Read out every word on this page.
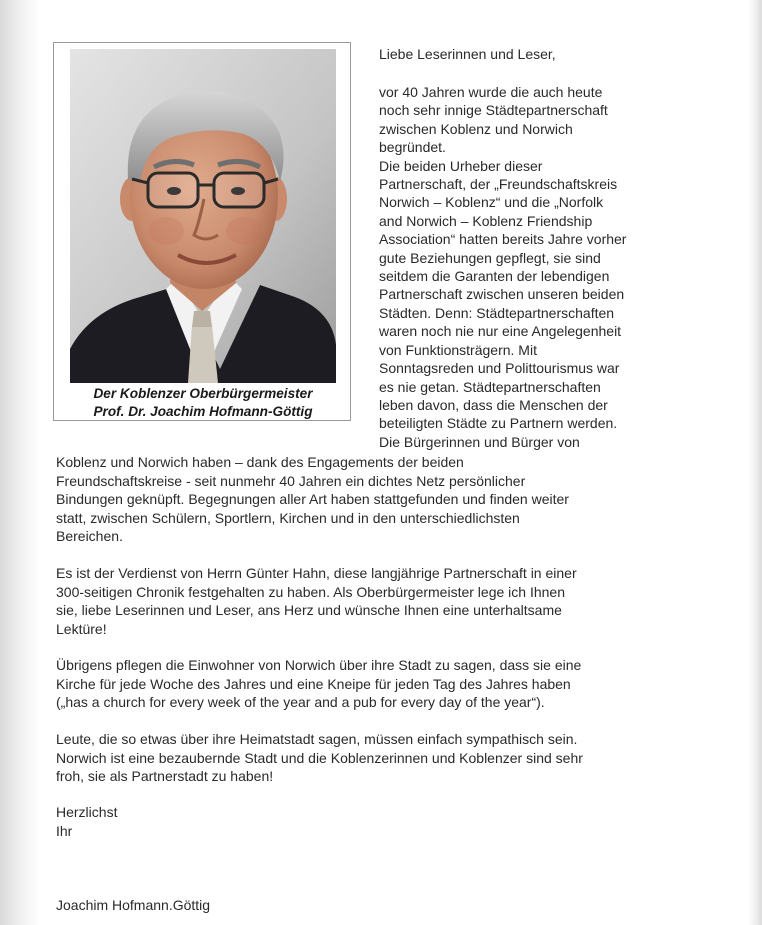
Der Koblenzer Oberbürgermeister
Prof. Dr. Joachim Hofmann-Göttig
Liebe Leserinnen und Leser,
vor 40 Jahren wurde die auch heute
noch sehr innige Städtepartnerschaft
zwischen Koblenz und Norwich
begründet.
Die beiden Urheber dieser
Partnerschaft, der „Freundschaftskreis
Norwich – Koblenz“ und die „Norfolk
and Norwich – Koblenz Friendship
Association“ hatten bereits Jahre vorher
gute Beziehungen gepflegt, sie sind
seitdem die Garanten der lebendigen
Partnerschaft zwischen unseren beiden
Städten. Denn: Städtepartnerschaften
waren noch nie nur eine Angelegenheit
von Funktionsträgern. Mit
Sonntagsreden und Polittourismus war
es nie getan. Städtepartnerschaften
leben davon, dass die Menschen der
beteiligten Städte zu Partnern werden.
Die Bürgerinnen und Bürger von
Koblenz und Norwich haben – dank des Engagements der beiden
Freundschaftskreise - seit nunmehr 40 Jahren ein dichtes Netz persönlicher
Bindungen geknüpft. Begegnungen aller Art haben stattgefunden und finden weiter
statt, zwischen Schülern, Sportlern, Kirchen und in den unterschiedlichsten
Bereichen.
Es ist der Verdienst von Herrn Günter Hahn, diese langjährige Partnerschaft in einer
300-seitigen Chronik festgehalten zu haben. Als Oberbürgermeister lege ich Ihnen
sie, liebe Leserinnen und Leser, ans Herz und wünsche Ihnen eine unterhaltsame
Lektüre!
Übrigens pflegen die Einwohner von Norwich über ihre Stadt zu sagen, dass sie eine
Kirche für jede Woche des Jahres und eine Kneipe für jeden Tag des Jahres haben
(„has a church for every week of the year and a pub for every day of the year“).
Leute, die so etwas über ihre Heimatstadt sagen, müssen einfach sympathisch sein.
Norwich ist eine bezaubernde Stadt und die Koblenzerinnen und Koblenzer sind sehr
froh, sie als Partnerstadt zu haben!
Herzlichst
Ihr
Joachim Hofmann.Göttig
